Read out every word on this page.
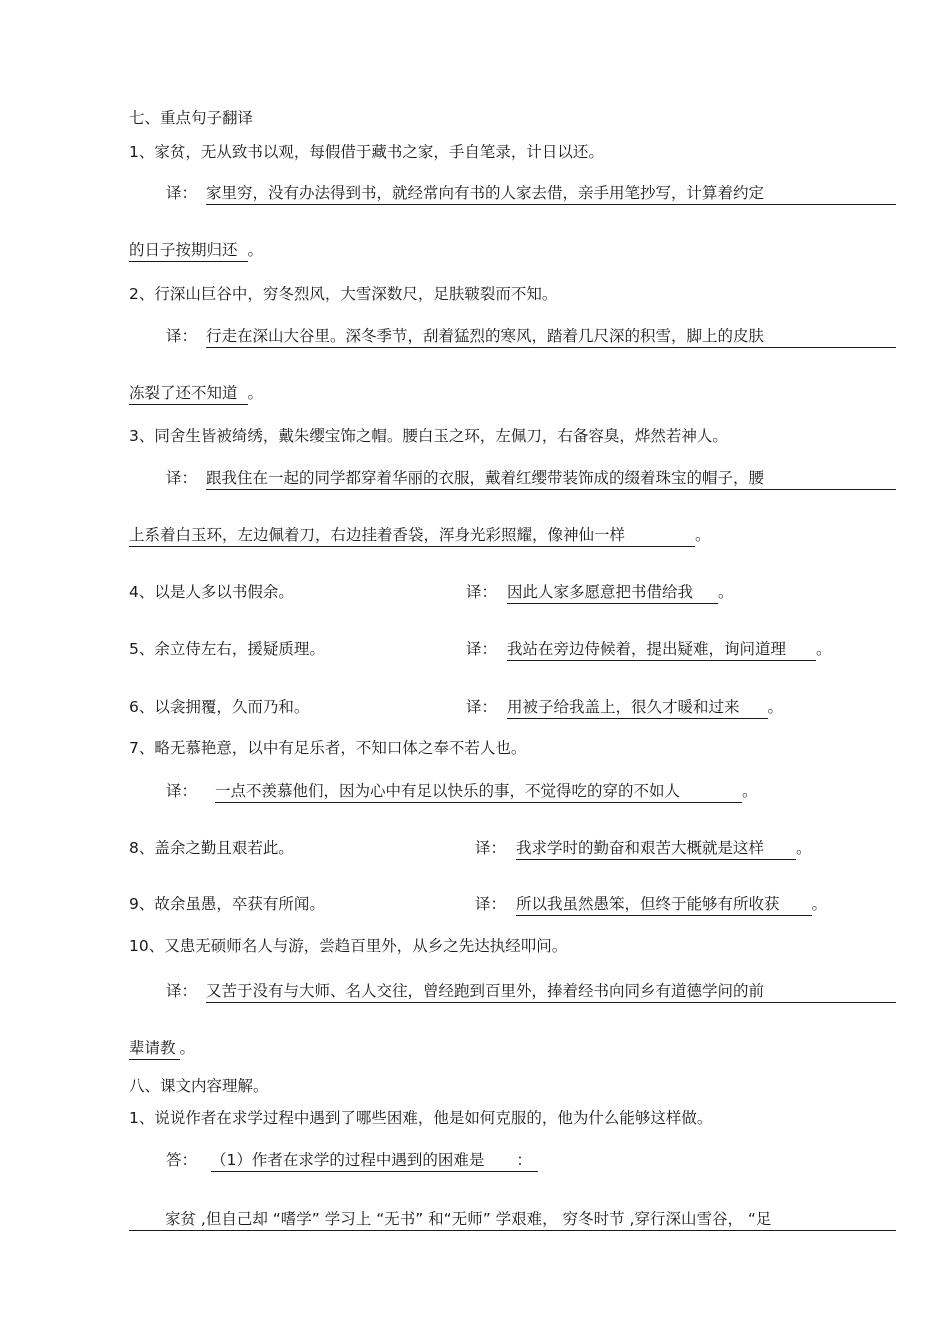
七、重点句子翻译
1、家贫，无从致书以观，每假借于藏书之家，手自笔录，计日以还。
译： 家里穷，没有办法得到书，就经常向有书的人家去借，亲手用笔抄写，计算着约定
的日子按期归还 。
2、行深山巨谷中，穷冬烈风，大雪深数尺，足肤皲裂而不知。
译： 行走在深山大谷里。深冬季节，刮着猛烈的寒风，踏着几尺深的积雪，脚上的皮肤
冻裂了还不知道 。
3、同舍生皆被绮绣，戴朱缨宝饰之帽。腰白玉之环，左佩刀，右备容臭，烨然若神人。
译： 跟我住在一起的同学都穿着华丽的衣服，戴着红缨带装饰成的缀着珠宝的帽子，腰
上系着白玉环，左边佩着刀，右边挂着香袋，浑身光彩照耀，像神仙一样	。
4、以是人多以书假余。	译： 因此人家多愿意把书借给我 。
5、余立侍左右，援疑质理。	译： 我站在旁边侍候着，提出疑难，询问道理 。
6、以衾拥覆，久而乃和。	译： 用被子给我盖上，很久才暖和过来 。
7、略无慕艳意，以中有足乐者，不知口体之奉不若人也。
译： 一点不羡慕他们，因为心中有足以快乐的事，不觉得吃的穿的不如人	。
8、盖余之勤且艰若此。	译： 我求学时的勤奋和艰苦大概就是这样 。
9、故余虽愚，卒获有所闻。	译： 所以我虽然愚笨，但终于能够有所收获 。
10、又患无硕师名人与游，尝趋百里外，从乡之先达执经叩问。
译： 又苦于没有与大师、名人交往，曾经跑到百里外，捧着经书向同乡有道德学问的前
辈请教 。
八、课文内容理解。
1、说说作者在求学过程中遇到了哪些困难，他是如何克服的，他为什么能够这样做。
答： （1）作者在求学的过程中遇到的困难是 ：
家贫 ,但自己却 “嗜学” 学习上 “无书” 和“无师” 学艰难， 穷冬时节 ,穿行深山雪谷， “足
